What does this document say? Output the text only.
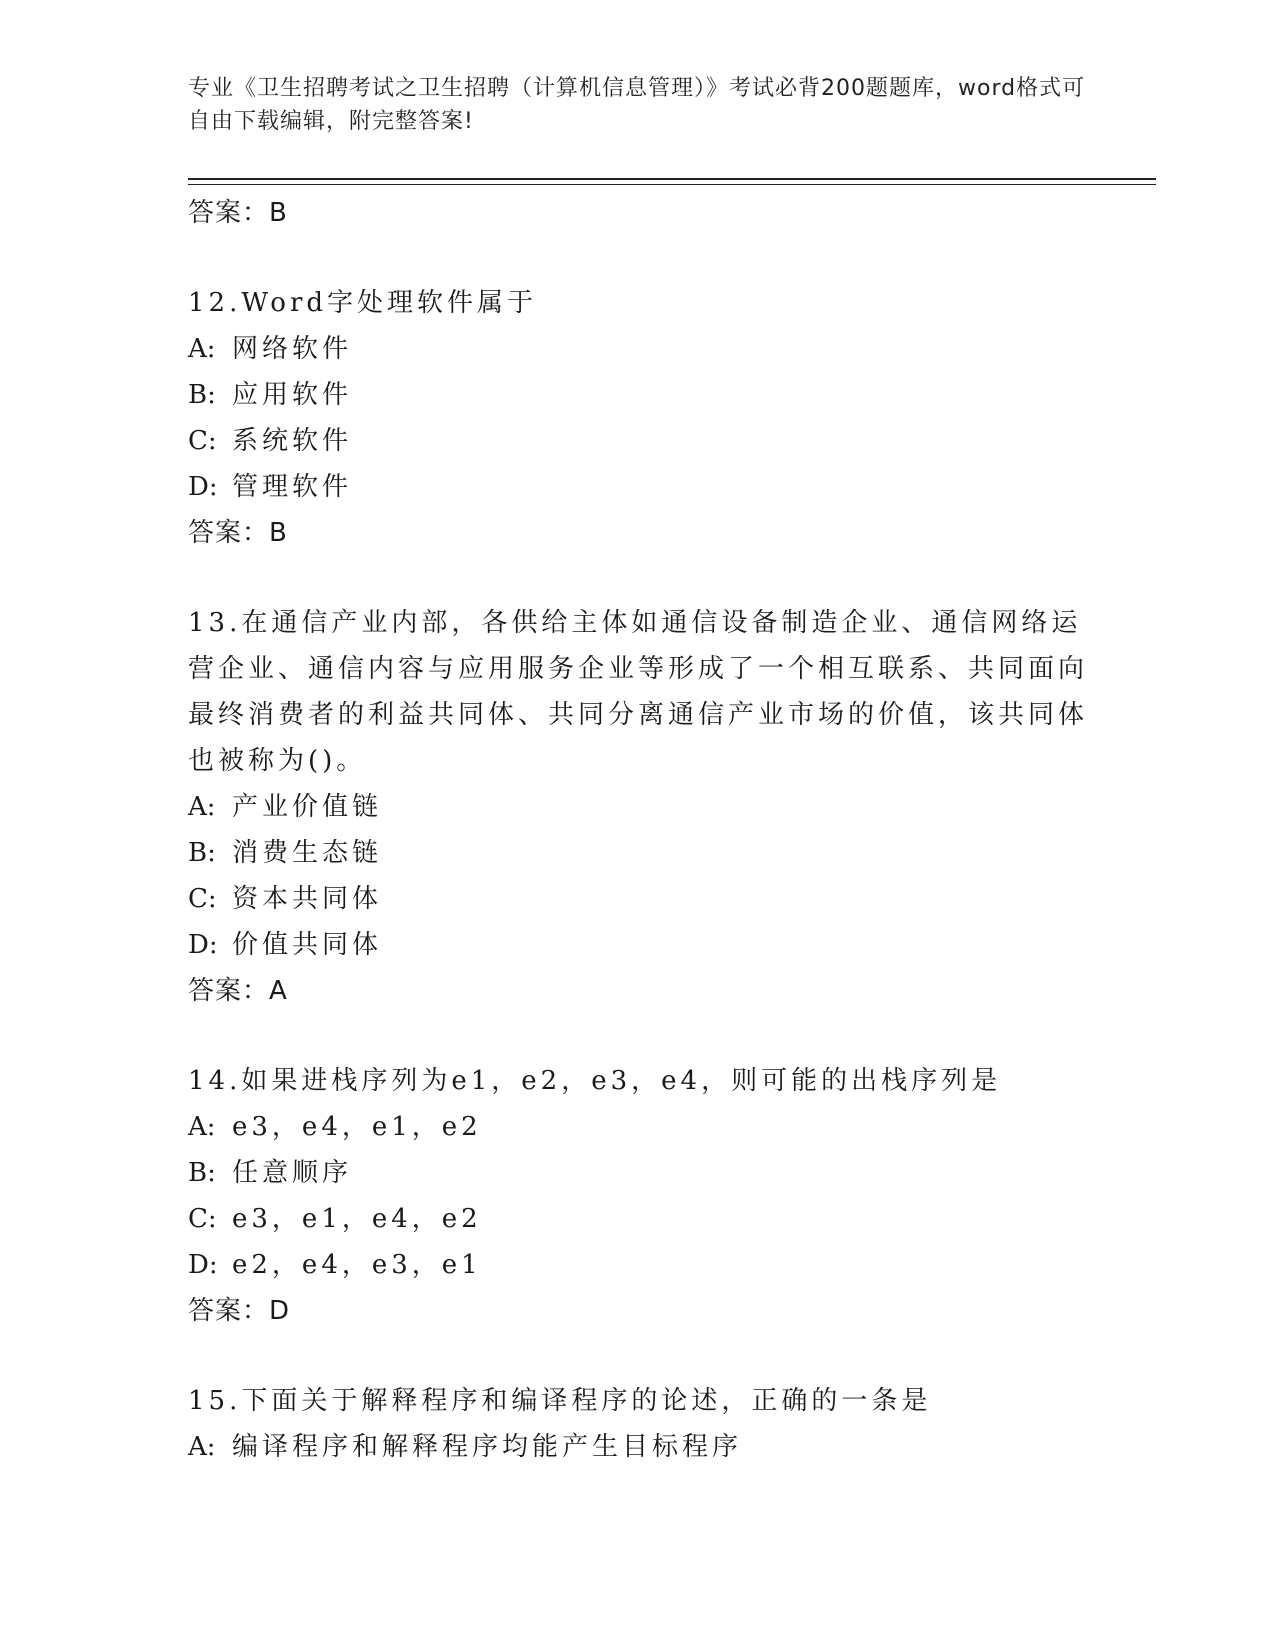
专业《卫生招聘考试之卫生招聘（计算机信息管理）》考试必背200题题库，word格式可自由下载编辑，附完整答案!
答案：B
12.Word字处理软件属于
A: 网络软件
B: 应用软件
C: 系统软件
D: 管理软件
答案：B
13.在通信产业内部，各供给主体如通信设备制造企业、通信网络运营企业、通信内容与应用服务企业等形成了一个相互联系、共同面向最终消费者的利益共同体、共同分离通信产业市场的价值，该共同体也被称为()。
A: 产业价值链
B: 消费生态链
C: 资本共同体
D: 价值共同体
答案：A
14.如果进栈序列为e1，e2，e3，e4，则可能的出栈序列是
A: e3，e4，e1，e2
B: 任意顺序
C: e3，e1，e4，e2
D: e2，e4，e3，e1
答案：D
15.下面关于解释程序和编译程序的论述，正确的一条是
A: 编译程序和解释程序均能产生目标程序
